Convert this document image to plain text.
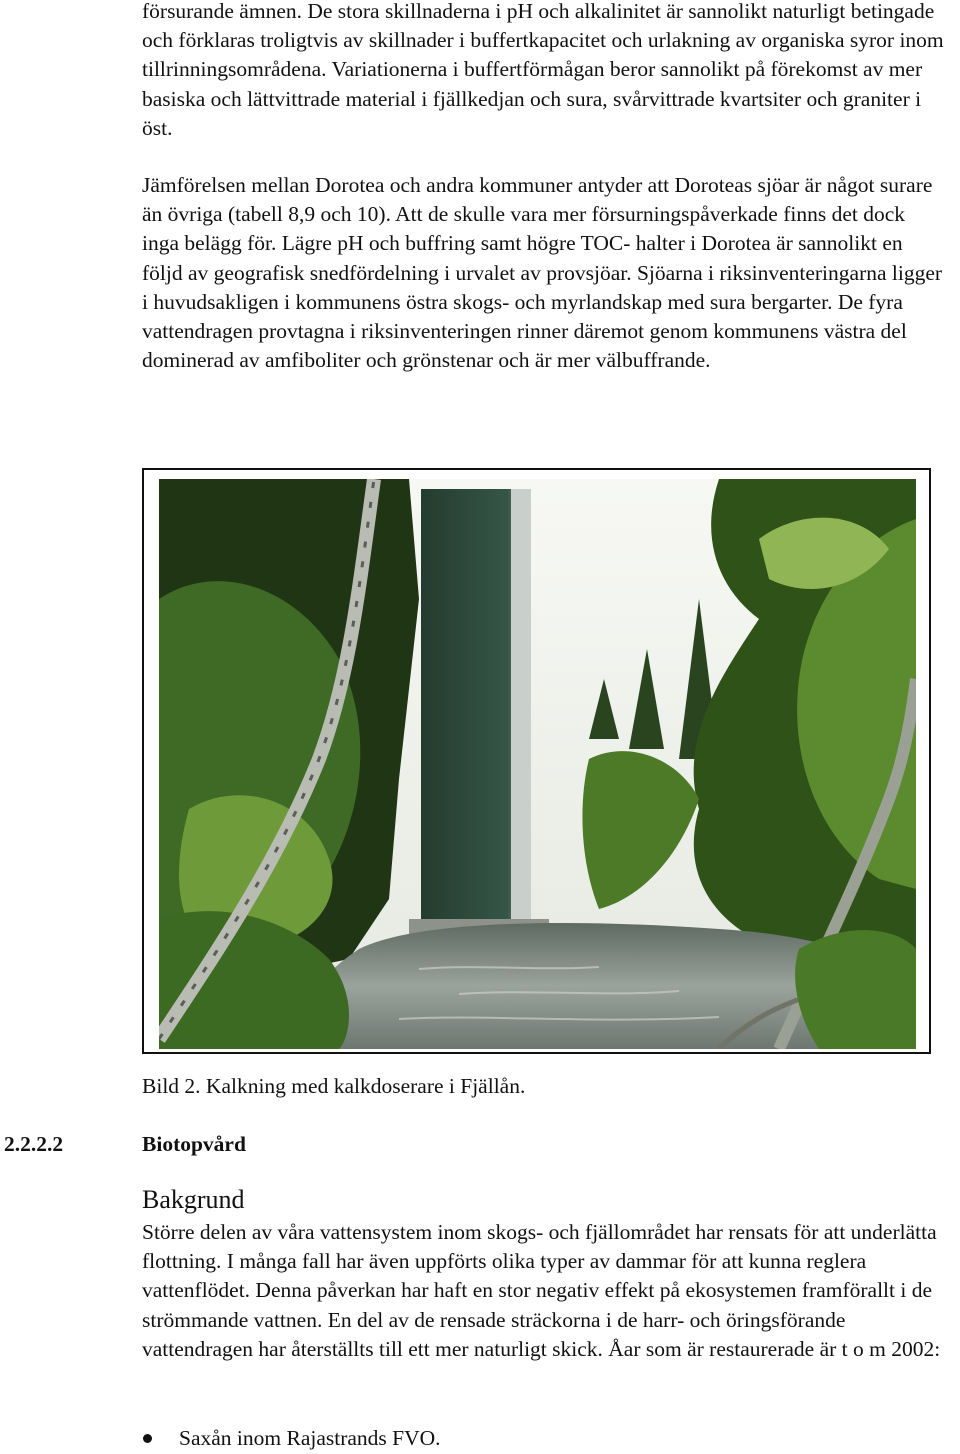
försurande ämnen. De stora skillnaderna i pH och alkalinitet är sannolikt naturligt betingade och förklaras troligtvis av skillnader i buffertkapacitet och urlakning av organiska syror inom tillrinningsområdena. Variationerna i buffertförmågan beror sannolikt på förekomst av mer basiska och lättvittrade material i fjällkedjan och sura, svårvittrade kvartsiter och graniter i öst.

Jämförelsen mellan Dorotea och andra kommuner antyder att Doroteas sjöar är något surare än övriga (tabell 8,9 och 10). Att de skulle vara mer försurningspåverkade finns det dock inga belägg för. Lägre pH och buffring samt högre TOC- halter i Dorotea är sannolikt en följd av geografisk snedfördelning i urvalet av provsjöar. Sjöarna i riksinventeringarna ligger i huvudsakligen i kommunens östra skogs- och myrlandskap med sura bergarter. De fyra vattendragen provtagna i riksinventeringen rinner däremot genom kommunens västra del dominerad av amfiboliter och grönstenar och är mer välbuffrande.

Bild 2. Kalkning med kalkdoserare i Fjällån.
2.2.2.2	Biotopvård
Bakgrund

Större delen av våra vattensystem inom skogs- och fjällområdet har rensats för att underlätta flottning. I många fall har även uppförts olika typer av dammar för att kunna reglera vattenflödet. Denna påverkan har haft en stor negativ effekt på ekosystemen framförallt i de strömmande vattnen. En del av de rensade sträckorna i de harr- och öringsförande vattendragen har återställts till ett mer naturligt skick. Åar som är restaurerade är t o m 2002:

Saxån inom Rajastrands FVO.
